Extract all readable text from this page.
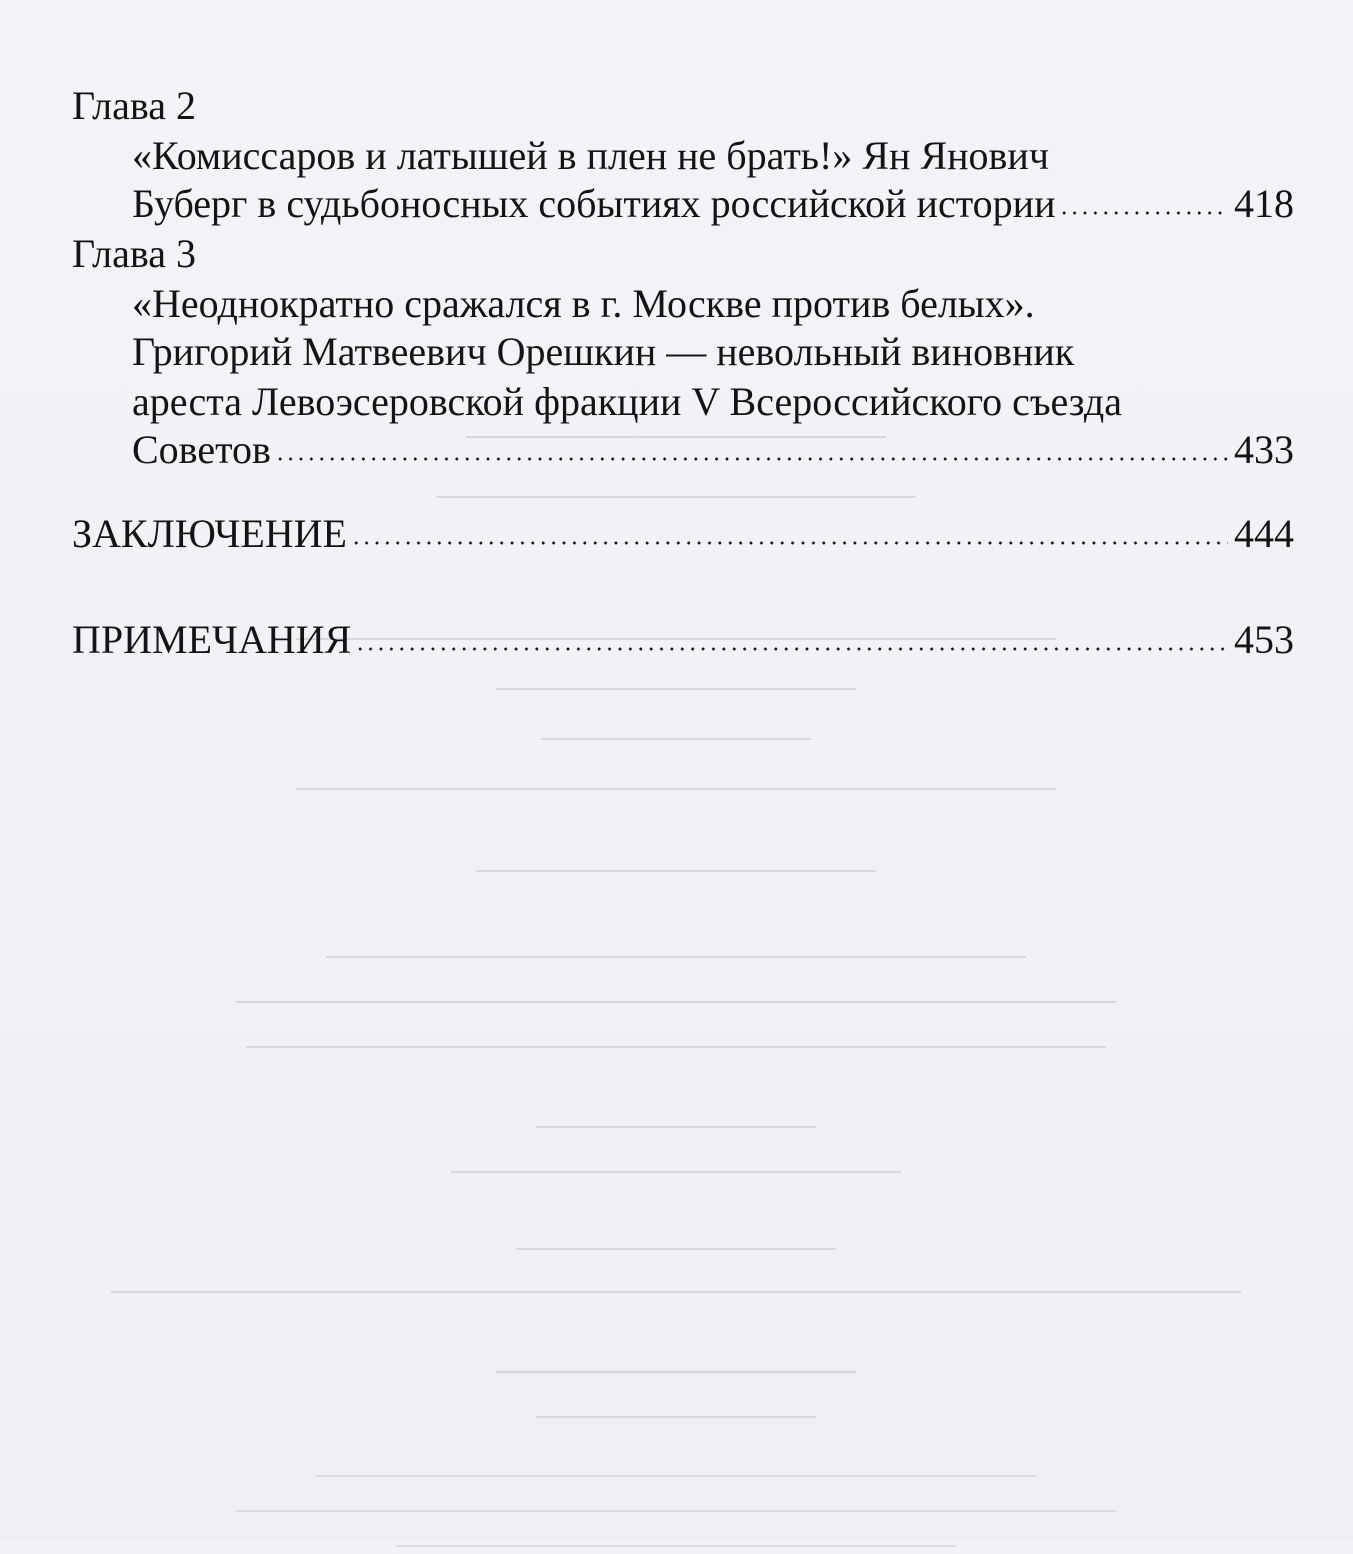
Глава 2
«Комиссаров и латышей в плен не брать!» Ян Янович
Буберг в судьбоносных событиях российской истории	418
Глава 3
«Неоднократно сражался в г. Москве против белых».
Григорий Матвеевич Орешкин — невольный виновник
ареста Левоэсеровской фракции V Всероссийского съезда
Советов	433
ЗАКЛЮЧЕНИЕ	444
ПРИМЕЧАНИЯ	453
